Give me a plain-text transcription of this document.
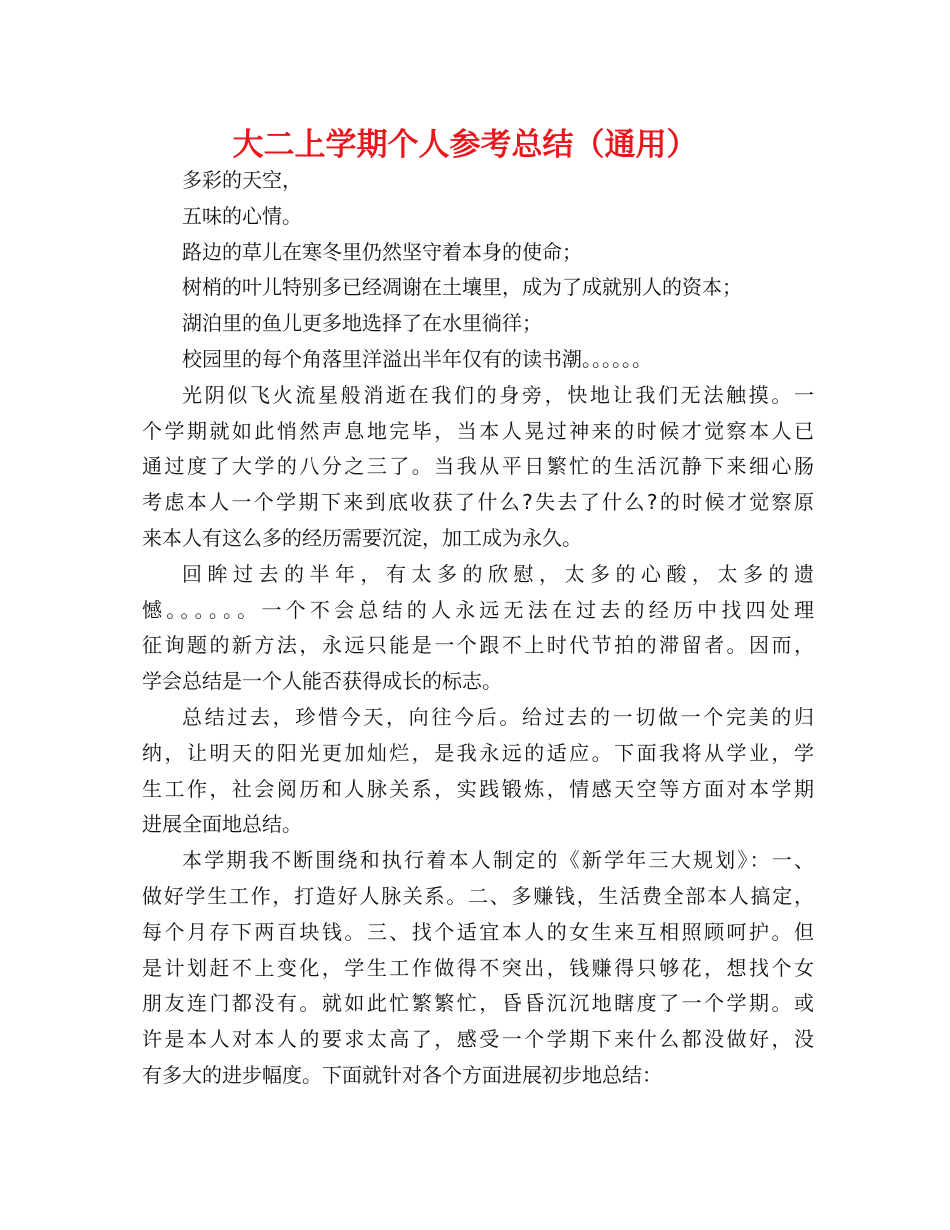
大二上学期个人参考总结（通用）
多彩的天空，
五味的心情。
路边的草儿在寒冬里仍然坚守着本身的使命；
树梢的叶儿特别多已经凋谢在土壤里，成为了成就别人的资本；
湖泊里的鱼儿更多地选择了在水里徜徉；
校园里的每个角落里洋溢出半年仅有的读书潮。。。。。。
光阴似飞火流星般消逝在我们的身旁，快地让我们无法触摸。一
个学期就如此悄然声息地完毕，当本人晃过神来的时候才觉察本人已
通过度了大学的八分之三了。当我从平日繁忙的生活沉静下来细心肠
考虑本人一个学期下来到底收获了什么?失去了什么?的时候才觉察原
来本人有这么多的经历需要沉淀，加工成为永久。
回眸过去的半年，有太多的欣慰，太多的心酸，太多的遗
憾。。。。。。一个不会总结的人永远无法在过去的经历中找四处理
征询题的新方法，永远只能是一个跟不上时代节拍的滞留者。因而，
学会总结是一个人能否获得成长的标志。
总结过去，珍惜今天，向往今后。给过去的一切做一个完美的归
纳，让明天的阳光更加灿烂，是我永远的适应。下面我将从学业，学
生工作，社会阅历和人脉关系，实践锻炼，情感天空等方面对本学期
进展全面地总结。
本学期我不断围绕和执行着本人制定的《新学年三大规划》：一、
做好学生工作，打造好人脉关系。二、多赚钱，生活费全部本人搞定，
每个月存下两百块钱。三、找个适宜本人的女生来互相照顾呵护。但
是计划赶不上变化，学生工作做得不突出，钱赚得只够花，想找个女
朋友连门都没有。就如此忙繁繁忙，昏昏沉沉地瞎度了一个学期。或
许是本人对本人的要求太高了，感受一个学期下来什么都没做好，没
有多大的进步幅度。下面就针对各个方面进展初步地总结：
